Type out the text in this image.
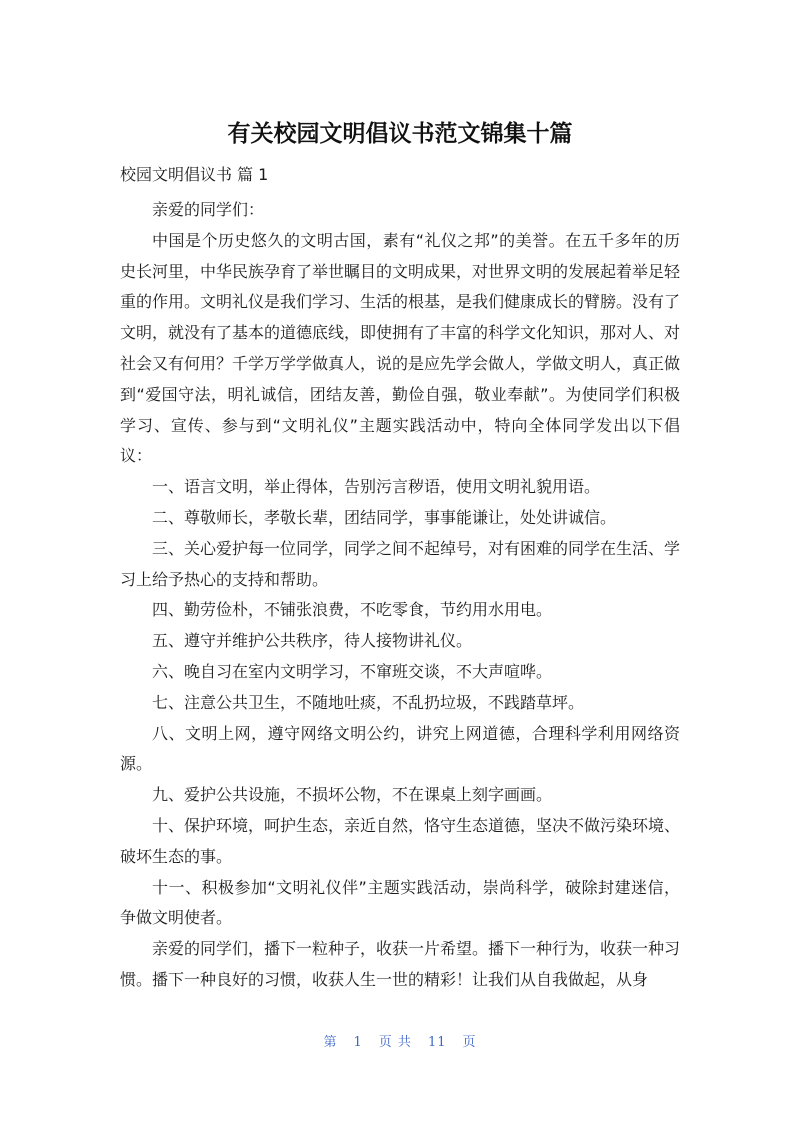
有关校园文明倡议书范文锦集十篇
校园文明倡议书 篇 1

亲爱的同学们：

中国是个历史悠久的文明古国，素有“礼仪之邦”的美誉。在五千多年的历史长河里，中华民族孕育了举世瞩目的文明成果，对世界文明的发展起着举足轻重的作用。文明礼仪是我们学习、生活的根基，是我们健康成长的臂膀。没有了文明，就没有了基本的道德底线，即使拥有了丰富的科学文化知识，那对人、对社会又有何用？千学万学学做真人，说的是应先学会做人，学做文明人，真正做到“爱国守法，明礼诚信，团结友善，勤俭自强，敬业奉献”。为使同学们积极学习、宣传、参与到“文明礼仪”主题实践活动中，特向全体同学发出以下倡议：

一、语言文明，举止得体，告别污言秽语，使用文明礼貌用语。

二、尊敬师长，孝敬长辈，团结同学，事事能谦让，处处讲诚信。

三、关心爱护每一位同学，同学之间不起绰号，对有困难的同学在生活、学习上给予热心的支持和帮助。

四、勤劳俭朴，不铺张浪费，不吃零食，节约用水用电。

五、遵守并维护公共秩序，待人接物讲礼仪。

六、晚自习在室内文明学习，不窜班交谈，不大声喧哗。

七、注意公共卫生，不随地吐痰，不乱扔垃圾，不践踏草坪。

八、文明上网，遵守网络文明公约，讲究上网道德，合理科学利用网络资源。

九、爱护公共设施，不损坏公物，不在课桌上刻字画画。

十、保护环境，呵护生态，亲近自然，恪守生态道德，坚决不做污染环境、破坏生态的事。

十一、积极参加“文明礼仪伴”主题实践活动，崇尚科学，破除封建迷信，争做文明使者。

亲爱的同学们，播下一粒种子，收获一片希望。播下一种行为，收获一种习惯。播下一种良好的习惯，收获人生一世的精彩！让我们从自我做起，从身

第 1 页 共 11 页
